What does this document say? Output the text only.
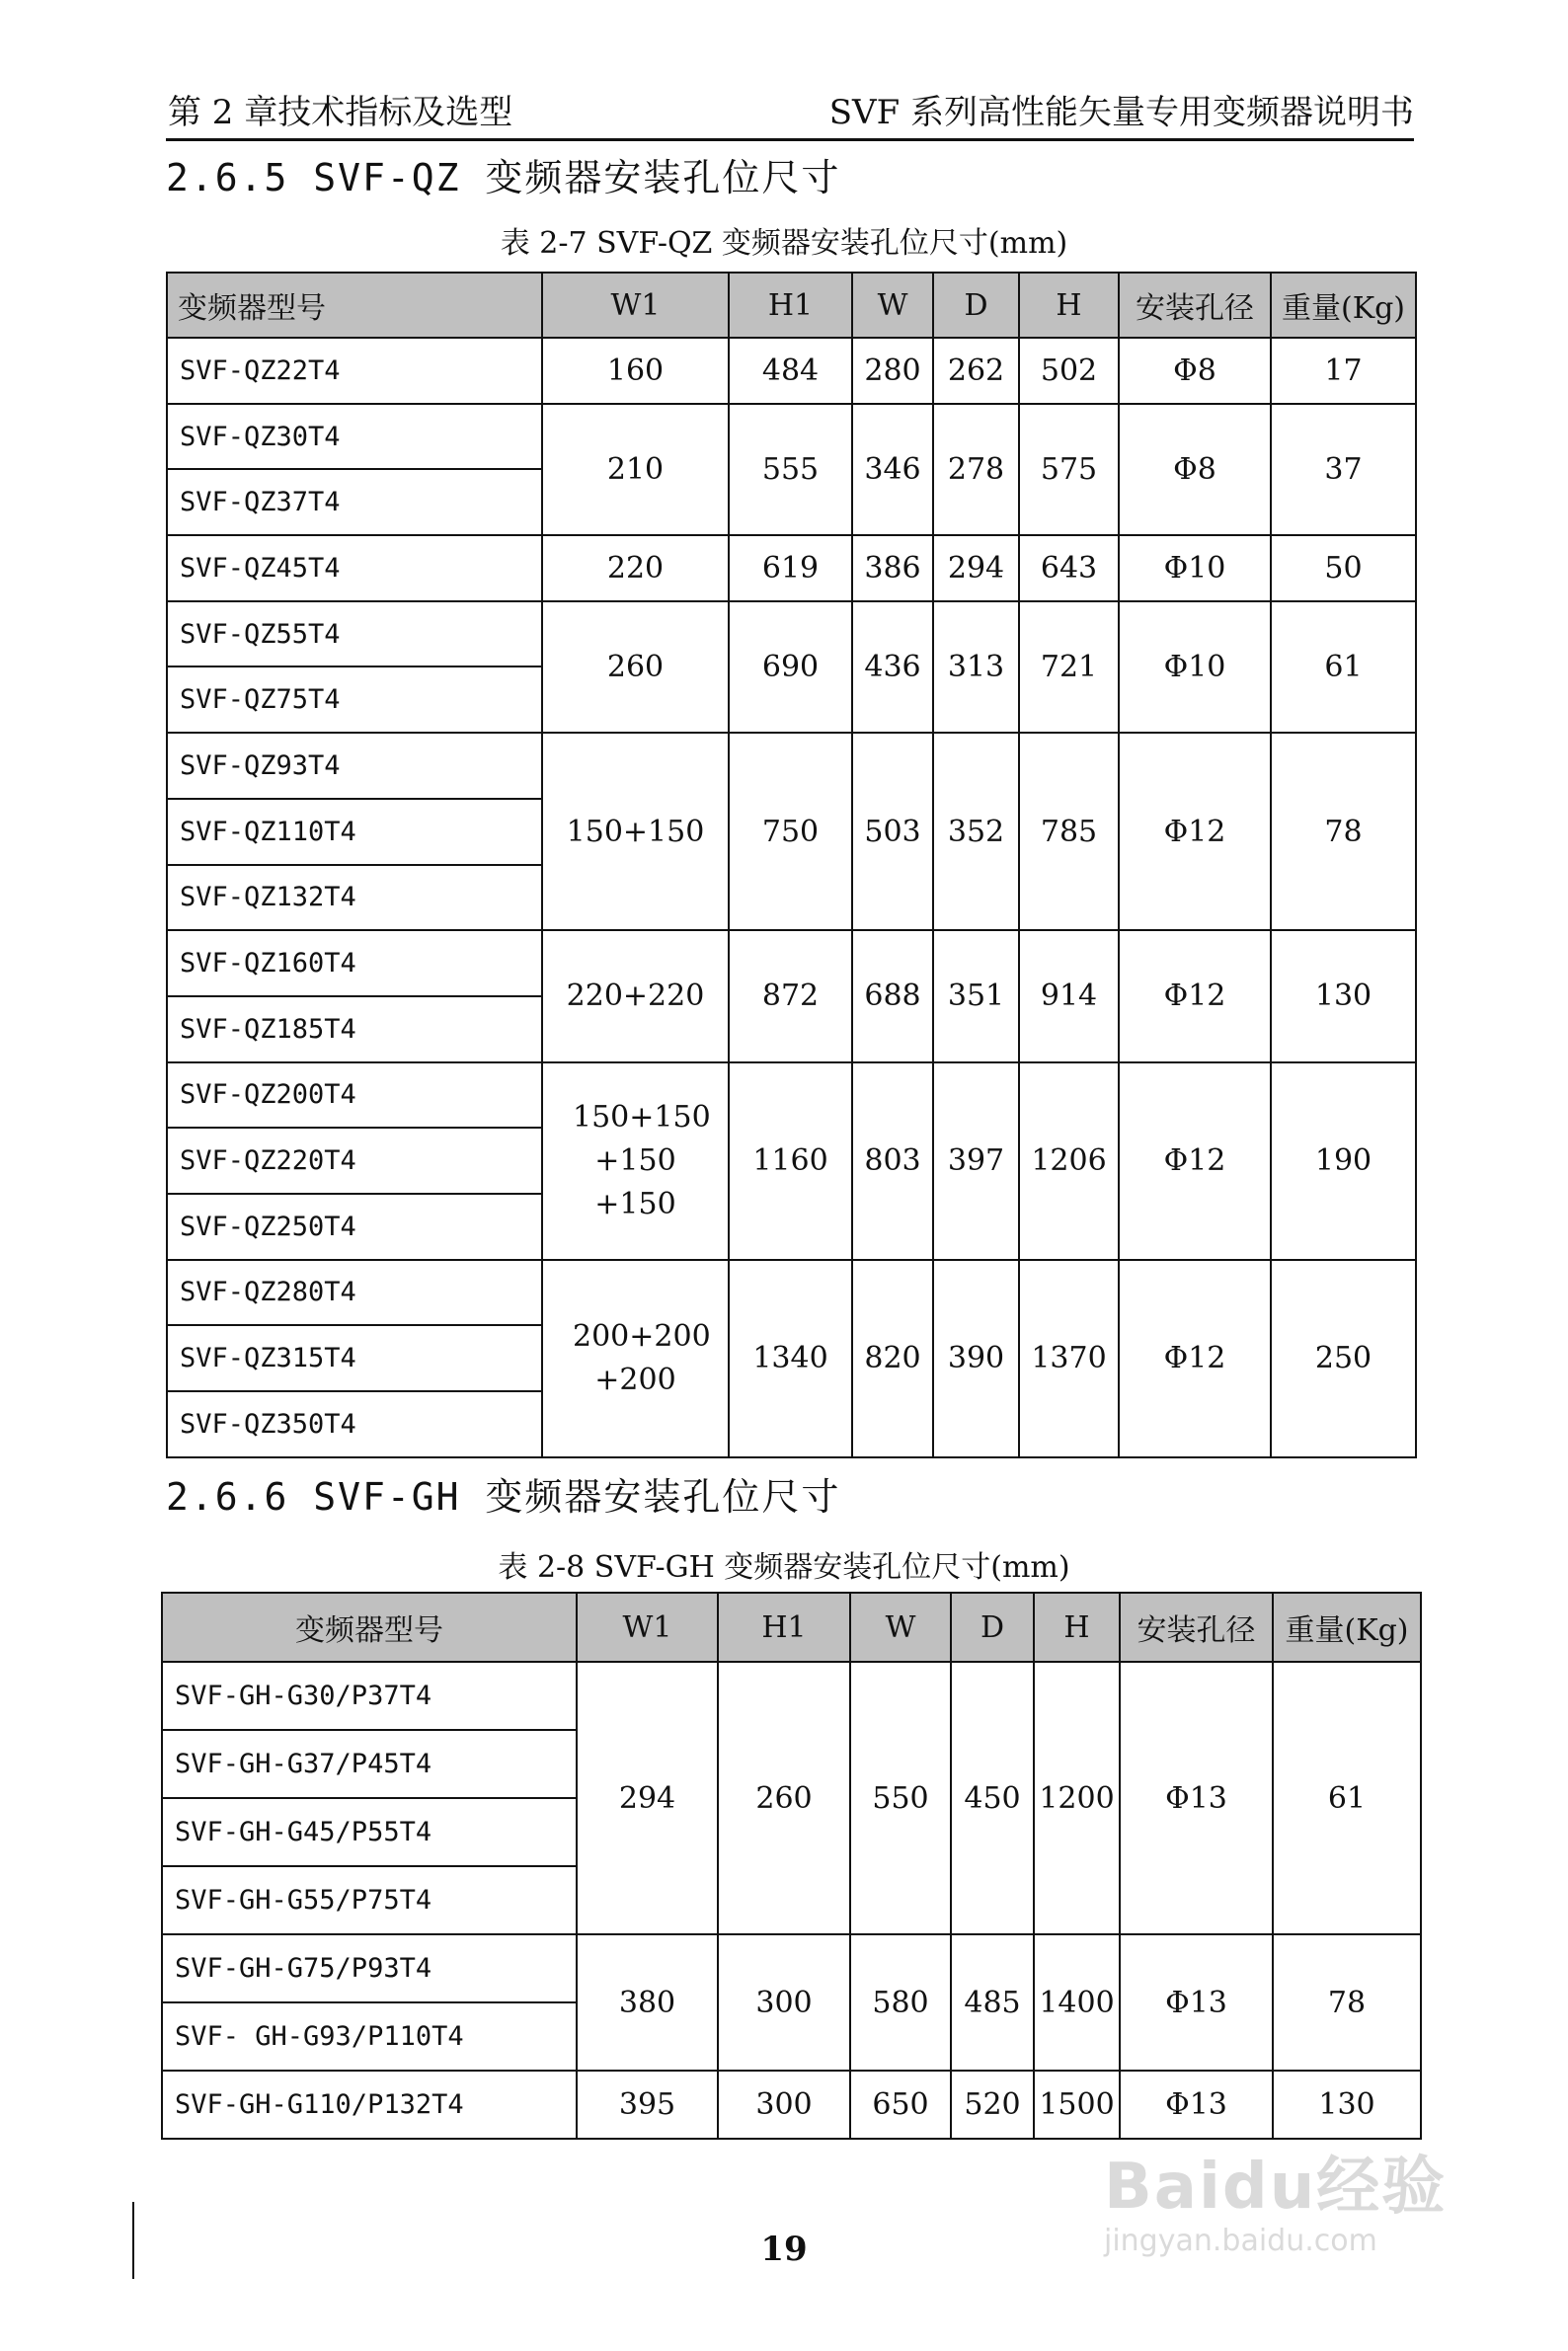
第 2 章技术指标及选型	SVF 系列高性能矢量专用变频器说明书
2.6.5 SVF-QZ 变频器安装孔位尺寸
表 2-7 SVF-QZ 变频器安装孔位尺寸(mm)
变频器型号	W1	H1	W	D	H	安装孔径	重量(Kg)
SVF-QZ22T4	160	484	280	262	502	Φ8	17
SVF-QZ30T4	210	555	346	278	575	Φ8	37
SVF-QZ37T4							
SVF-QZ45T4	220	619	386	294	643	Φ10	50
SVF-QZ55T4	260	690	436	313	721	Φ10	61
SVF-QZ75T4							
SVF-QZ93T4	150+150	750	503	352	785	Φ12	78
SVF-QZ110T4							
SVF-QZ132T4							
SVF-QZ160T4	220+220	872	688	351	914	Φ12	130
SVF-QZ185T4							
SVF-QZ200T4	150+150 +150 +150	1160	803	397	1206	Φ12	190
SVF-QZ220T4							
SVF-QZ250T4							
SVF-QZ280T4	200+200 +200	1340	820	390	1370	Φ12	250
SVF-QZ315T4							
SVF-QZ350T4							
2.6.6 SVF-GH 变频器安装孔位尺寸
表 2-8 SVF-GH 变频器安装孔位尺寸(mm)
变频器型号	W1	H1	W	D	H	安装孔径	重量(Kg)
SVF-GH-G30/P37T4	294	260	550	450	1200	Φ13	61
SVF-GH-G37/P45T4							
SVF-GH-G45/P55T4							
SVF-GH-G55/P75T4							
SVF-GH-G75/P93T4	380	300	580	485	1400	Φ13	78
SVF- GH-G93/P110T4							
SVF-GH-G110/P132T4	395	300	650	520	1500	Φ13	130
19
Baidu经验
jingyan.baidu.com
